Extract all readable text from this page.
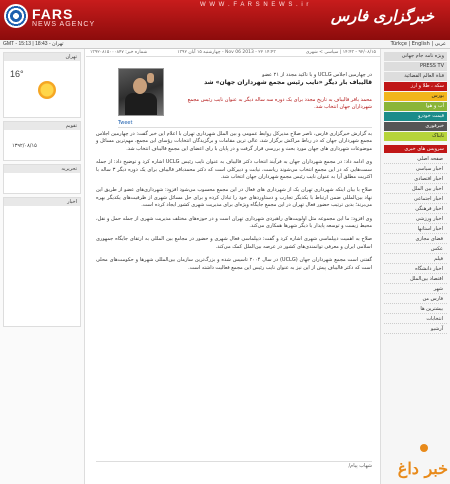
FARS
NEWS AGENCY
W W W . F A R S N E W S . i r
خبرگزاری فارس
GMT - 15:13 | تهران - 18:43	عربی | Türkçe | English
تهران
16°
تقویم
۱۳۹۲/۰۸/۱۵
تحریریه
اخبار
ویژه نامه جام جهانی
PRESS TV
قناة العالم الفضائية
سکه ، طلا و ارز
بورس
آب و هوا
قیمت خودرو
خبرفوری
تابناک
سرویس های خبری
صفحه اصلی
اخبار سیاسی
اخبار اقتصادی
اخبار بین الملل
اخبار اجتماعی
اخبار فرهنگی
اخبار ورزشی
اخبار استانها
فضای مجازی
عکس
فیلم
اخبار دانشگاه
اقتصاد بین‌الملل
شهر
فارس من
بیشترین ها
انتخابات
آرشیو
شماره خبر: ۱۳۹۲۰۸۱۵۰۰۰۸۴۷	چهارشنبه ۱۵ آبان ۱۳۹۲ - Nov 06 2013 - ۲۲ ۱۴:۴۳	۹۲/۰۸/۱۵ - ۱۴:۴۳ | سیاسی > شهری
در چهارمین اجلاس UCLG و با تاکید مجدد از ۲۱ عضو
قالیباف بار دیگر «نایب رئیس مجمع شهرداران جهان» شد
محمد باقر قالیباف به تاریخ مجدد برای یک دوره سه ساله دیگر به عنوان نایب رئیس مجمع شهرداران جهان انتخاب شد.
Tweet

به گزارش خبرگزاری فارس، ناصر صلاح مدیرکل روابط عمومی و بین الملل شهرداری تهران با اعلام این خبر گفت: در چهارمین اجلاس مجمع شهرداران جهان که در رباط مراکش برگزار شد، عالی ترین مقامات و برگزیدگان انتخابات رؤسای این مجمع، مهم‌ترین مسائل و موضوعات شهرداری های جهان مورد بحث و بررسی قرار گرفت و در پایان با رای اعضای این مجمع قالیباف انتخاب شد.

وی ادامه داد: در مجمع شهرداران جهان به فرآیند انتخاب دکتر قالیباف به عنوان نایب رئیس UCLG اشاره کرد و توضیح داد: از جمله سمت‌هایی که در این مجمع انتخاب می‌شوند ریاست، نیابت و دبیرکلی است که دکتر محمدباقر قالیباف برای یک دوره دیگر ۳ ساله با اکثریت مطلق آرا به عنوان نایب رئیس مجمع شهرداران جهان انتخاب شد.

صلاح با بیان اینکه شهرداری تهران یک از شهرداری های فعال در این مجمع محسوب می‌شود افزود: شهرداری‌های عضو از طریق این نهاد بین‌المللی ضمن ارتباط با یکدیگر تجارب و دستاوردهای خود را تبادل کرده و برای حل مسائل شهری از ظرفیت‌های یکدیگر بهره می‌برند؛ بدین ترتیب حضور فعال تهران در این مجمع جایگاه ویژه‌ای برای مدیریت شهری کشور ایجاد کرده است.

وی افزود: ما این مجموعه مثل اولویت‌های راهبردی شهرداری تهران است و در حوزه‌های مختلف مدیریت شهری از جمله حمل و نقل، محیط زیست و توسعه پایدار با دیگر شهرها همکاری می‌کند.

صلاح به اهمیت دیپلماسی شهری اشاره کرد و گفت: دیپلماسی فعال شهری و حضور در مجامع بین المللی به ارتقای جایگاه جمهوری اسلامی ایران و معرفی توانمندی‌های کشور در عرصه بین‌الملل کمک می‌کند.

گفتنی است مجمع شهرداران جهان (UCLG) در سال ۲۰۰۴ تاسیس شده و بزرگ‌ترین سازمان بین‌المللی شهرها و حکومت‌های محلی است که دکتر قالیباف پیش از این نیز به عنوان نایب رئیس این مجمع فعالیت داشته است.

شهاب پیام/ خبر داغ
